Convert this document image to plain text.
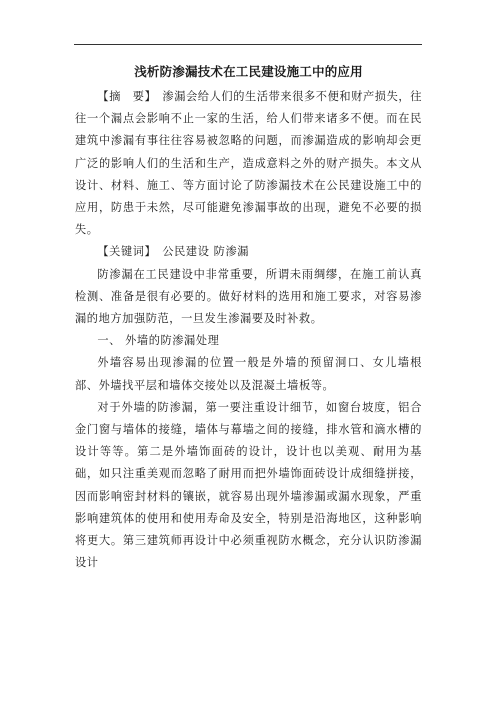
浅析防渗漏技术在工民建设施工中的应用

【摘　要】 渗漏会给人们的生活带来很多不便和财产损失，往往一个漏点会影响不止一家的生活，给人们带来诸多不便。而在民建筑中渗漏有事往往容易被忽略的问题，而渗漏造成的影响却会更广泛的影响人们的生活和生产，造成意料之外的财产损失。本文从设计、材料、施工、等方面讨论了防渗漏技术在公民建设施工中的应用，防患于未然，尽可能避免渗漏事故的出现，避免不必要的损失。

【关键词】 公民建设 防渗漏

防渗漏在工民建设中非常重要，所谓未雨绸缪，在施工前认真检测、准备是很有必要的。做好材料的选用和施工要求，对容易渗漏的地方加强防范，一旦发生渗漏要及时补救。

一、 外墙的防渗漏处理

外墙容易出现渗漏的位置一般是外墙的预留洞口、女儿墙根部、外墙找平层和墙体交接处以及混凝土墙板等。

对于外墙的防渗漏，第一要注重设计细节，如窗台坡度，铝合金门窗与墙体的接缝，墙体与幕墙之间的接缝，排水管和滴水槽的设计等等。第二是外墙饰面砖的设计，设计也以美观、耐用为基础，如只注重美观而忽略了耐用而把外墙饰面砖设计成细缝拼接，因而影响密封材料的镶嵌，就容易出现外墙渗漏或漏水现象，严重影响建筑体的使用和使用寿命及安全，特别是沿海地区，这种影响将更大。第三建筑师再设计中必须重视防水概念，充分认识防渗漏设计
